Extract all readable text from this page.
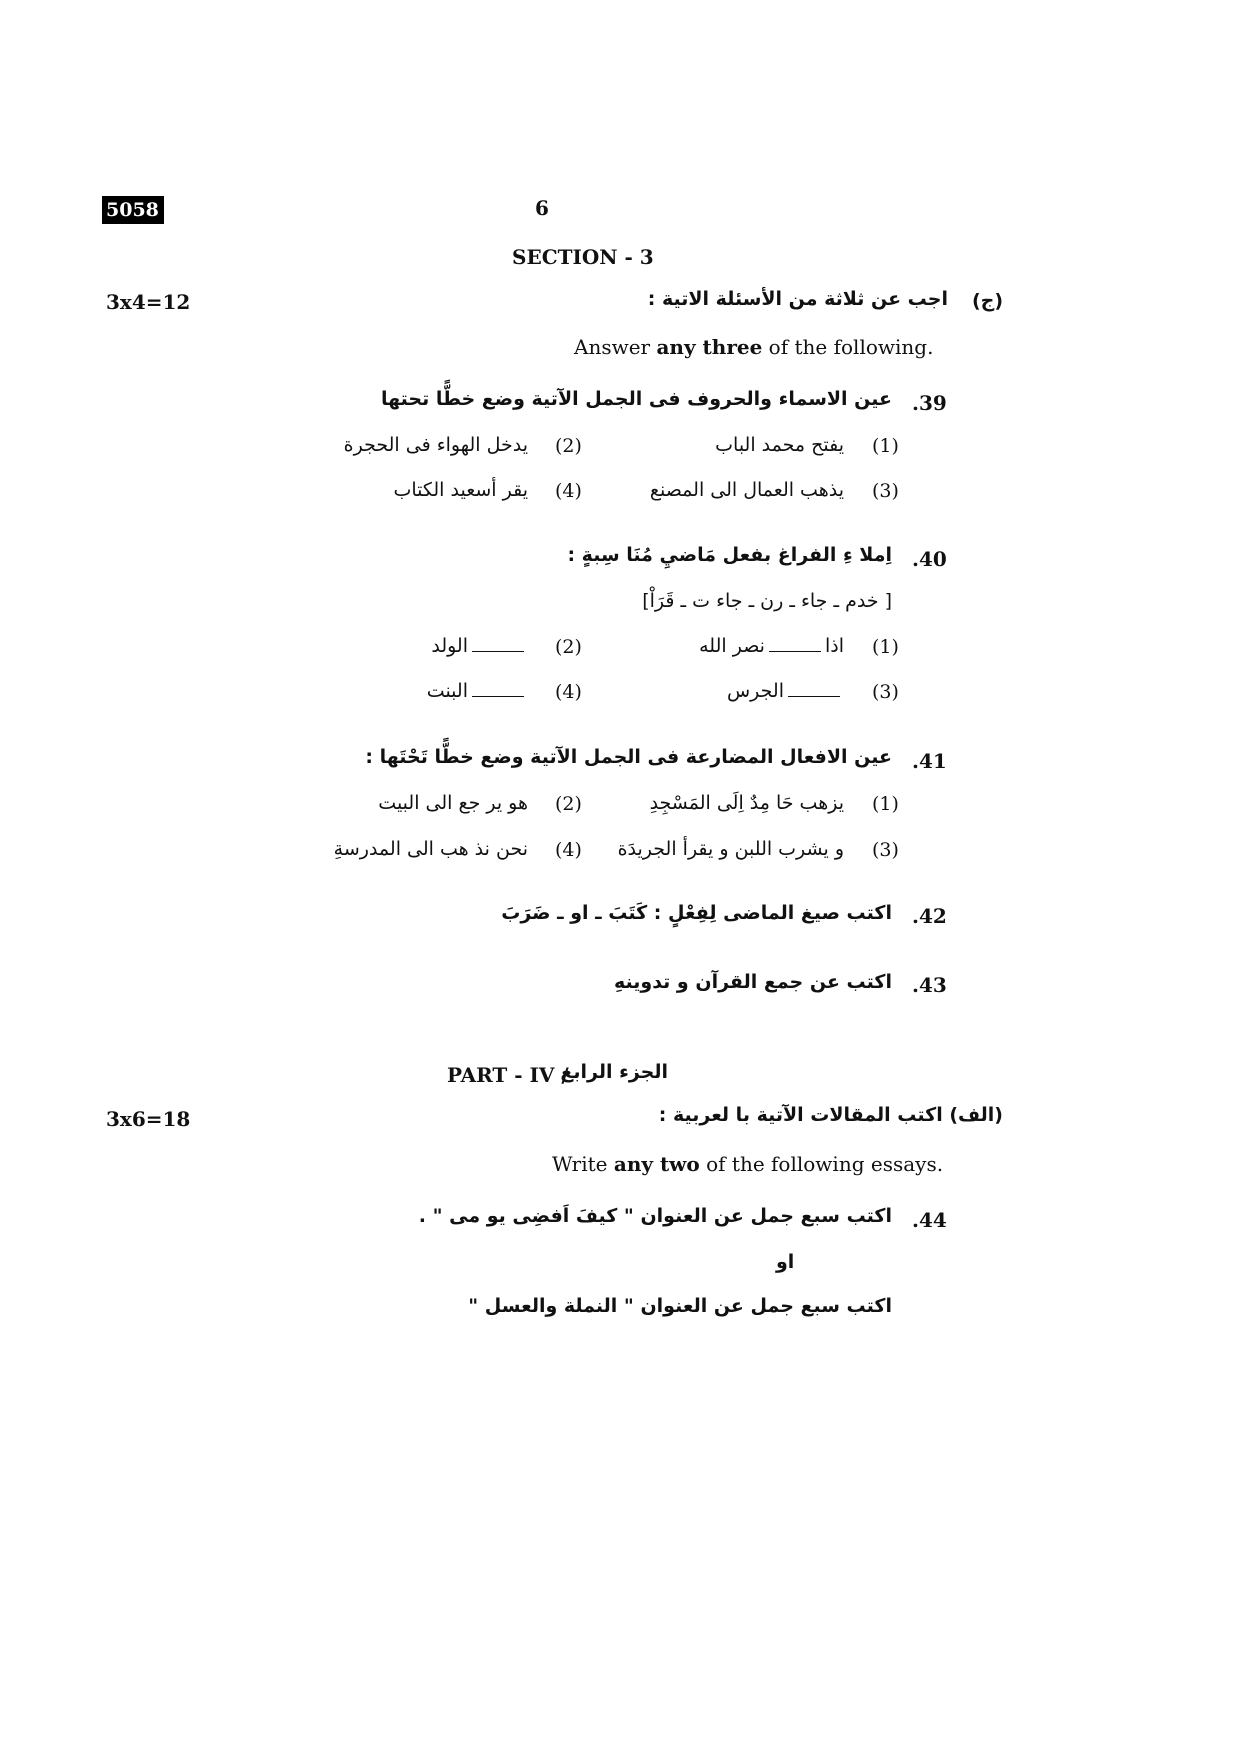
5058	6
SECTION - 3
3x4=12	(ج)
اجب عن ثلاثة من الأسئلة الاتية :
Answer any three of the following.
.39
عين الاسماء والحروف فى الجمل الآتية وضع خطًّا تحتها
(1)
يفتح محمد الباب
(2)
يدخل الهواء فى الحجرة
(3)
يذهب العمال الى المصنع
(4)
يقر أسعيد الكتاب
.40
اِملا ءِ الفراغ بفعل مَاضيِ مُنَا سِبةٍ :
[ خدم ـ جاء ـ رن ـ جاء ت ـ قَرَاْ]
(1)
اذانصر الله
(2)
الولد
(3)
الجرس
(4)
البنت
.41
عين الافعال المضارعة فى الجمل الآتية وضع خطًّا تَحْتَها :
(1)
يزهب حَا مِدٌ اِلَى المَسْجِدِ
(2)
هو ير جع الى البيت
(3)
و يشرب اللبن و يقرأ الجريدَة
(4)
نحن نذ هب الى المدرسةِ
.42
اكتب صيغ الماضى لِفِعْلٍ : كَتَبَ ـ او ـ ضَرَبَ
.43
اكتب عن جمع القرآن و تدوينهِ
PART - IV /
الجزء الرابع
3x6=18	(الف) اكتب المقالات الآتية با لعربية :
Write any two of the following essays.
.44
اكتب سبع جمل عن العنوان " كيفَ اَفضِى يو مى " .
او
اكتب سبع جمل عن العنوان " النملة والعسل "
